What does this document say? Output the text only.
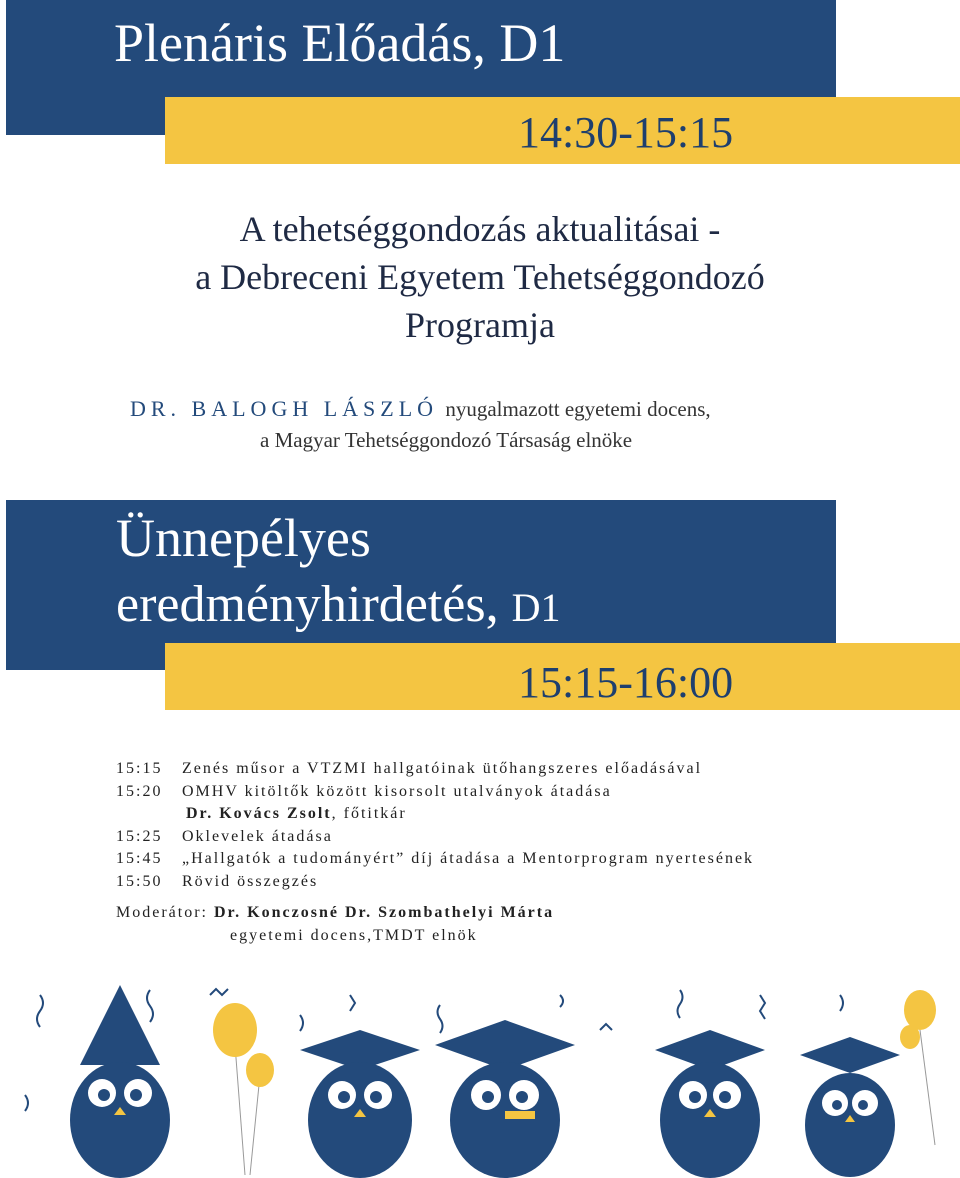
Plenáris Előadás, D1
14:30-15:15
A tehetséggondozás aktualitásai -
a Debreceni Egyetem Tehetséggondozó
Programja
DR. BALOGH LÁSZLÓ nyugalmazott egyetemi docens,
a Magyar Tehetséggondozó Társaság elnöke
Ünnepélyes
eredményhirdetés, D1
15:15-16:00
15:15	Zenés műsor a VTZMI hallgatóinak ütőhangszeres előadásával
15:20	OMHV kitöltők között kisorsolt utalványok átadása
Dr. Kovács Zsolt , főtitkár
15:25	Oklevelek átadása
15:45	„Hallgatók a tudományért” díj átadása a Mentorprogram nyertesének
15:50	Rövid összegzés
Moderátor: Dr. Konczosné Dr. Szombathelyi Márta
egyetemi docens,TMDT elnök
